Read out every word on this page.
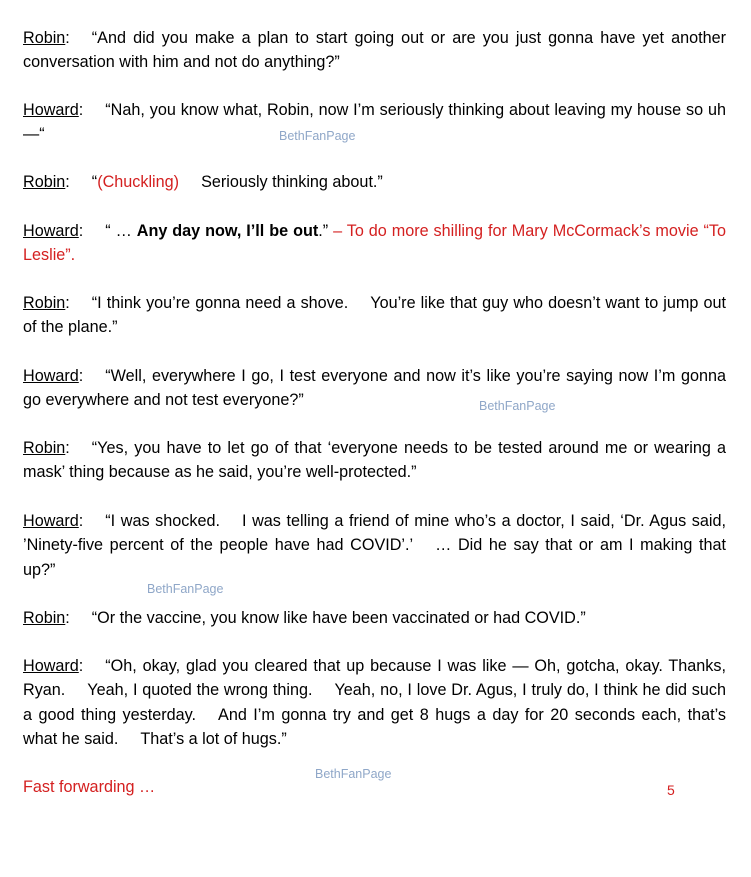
Robin: “And did you make a plan to start going out or are you just gonna have yet another conversation with him and not do anything?”

Howard: “Nah, you know what, Robin, now I’m seriously thinking about leaving my house so uh —“

Robin: “(Chuckling) Seriously thinking about.”

Howard: “ … Any day now, I’ll be out.” – To do more shilling for Mary McCormack’s movie “To Leslie”.

Robin: “I think you’re gonna need a shove. You’re like that guy who doesn’t want to jump out of the plane.”

Howard: “Well, everywhere I go, I test everyone and now it’s like you’re saying now I’m gonna go everywhere and not test everyone?”

Robin: “Yes, you have to let go of that ‘everyone needs to be tested around me or wearing a mask’ thing because as he said, you’re well-protected.”

Howard: “I was shocked. I was telling a friend of mine who’s a doctor, I said, ‘Dr. Agus said, ’Ninety-five percent of the people have had COVID’.’ … Did he say that or am I making that up?”

Robin: “Or the vaccine, you know like have been vaccinated or had COVID.”

Howard: “Oh, okay, glad you cleared that up because I was like — Oh, gotcha, okay. Thanks, Ryan. Yeah, I quoted the wrong thing. Yeah, no, I love Dr. Agus, I truly do, I think he did such a good thing yesterday. And I’m gonna try and get 8 hugs a day for 20 seconds each, that’s what he said. That’s a lot of hugs.”

Fast forwarding …	5
BethFanPage
BethFanPage
BethFanPage
BethFanPage
